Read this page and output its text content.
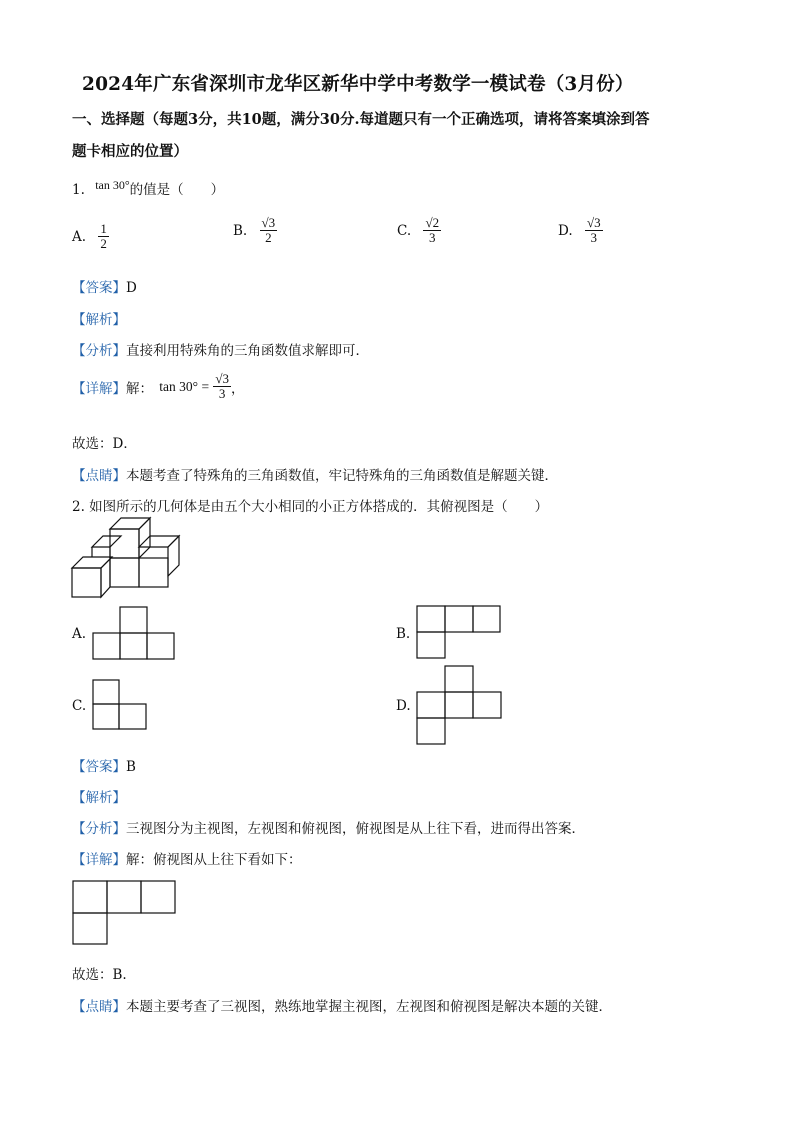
2024年广东省深圳市龙华区新华中学中考数学一模试卷（3月份）
一、选择题（每题3分，共10题，满分30分.每道题只有一个正确选项，请将答案填涂到答
题卡相应的位置）
1. tan 30°的值是（　　）
A. $\frac{1}{2}$	B. $\frac{√3}{2}$	C. $\frac{√2}{3}$	D. $\frac{√3}{3}$
【答案】D
【解析】
【分析】直接利用特殊角的三角函数值求解即可．
【详解】解： $\tan 30^\circ = \frac{√3}{3}$ ，
故选：D．
【点睛】本题考查了特殊角的三角函数值，牢记特殊角的三角函数值是解题关键．
2. 如图所示的几何体是由五个大小相同的小正方体搭成的．其俯视图是（　　）
A.	B.
C.	D.
【答案】B
【解析】
【分析】三视图分为主视图，左视图和俯视图，俯视图是从上往下看，进而得出答案．
【详解】解：俯视图从上往下看如下：
故选：B.
【点睛】本题主要考查了三视图，熟练地掌握主视图，左视图和俯视图是解决本题的关键．
